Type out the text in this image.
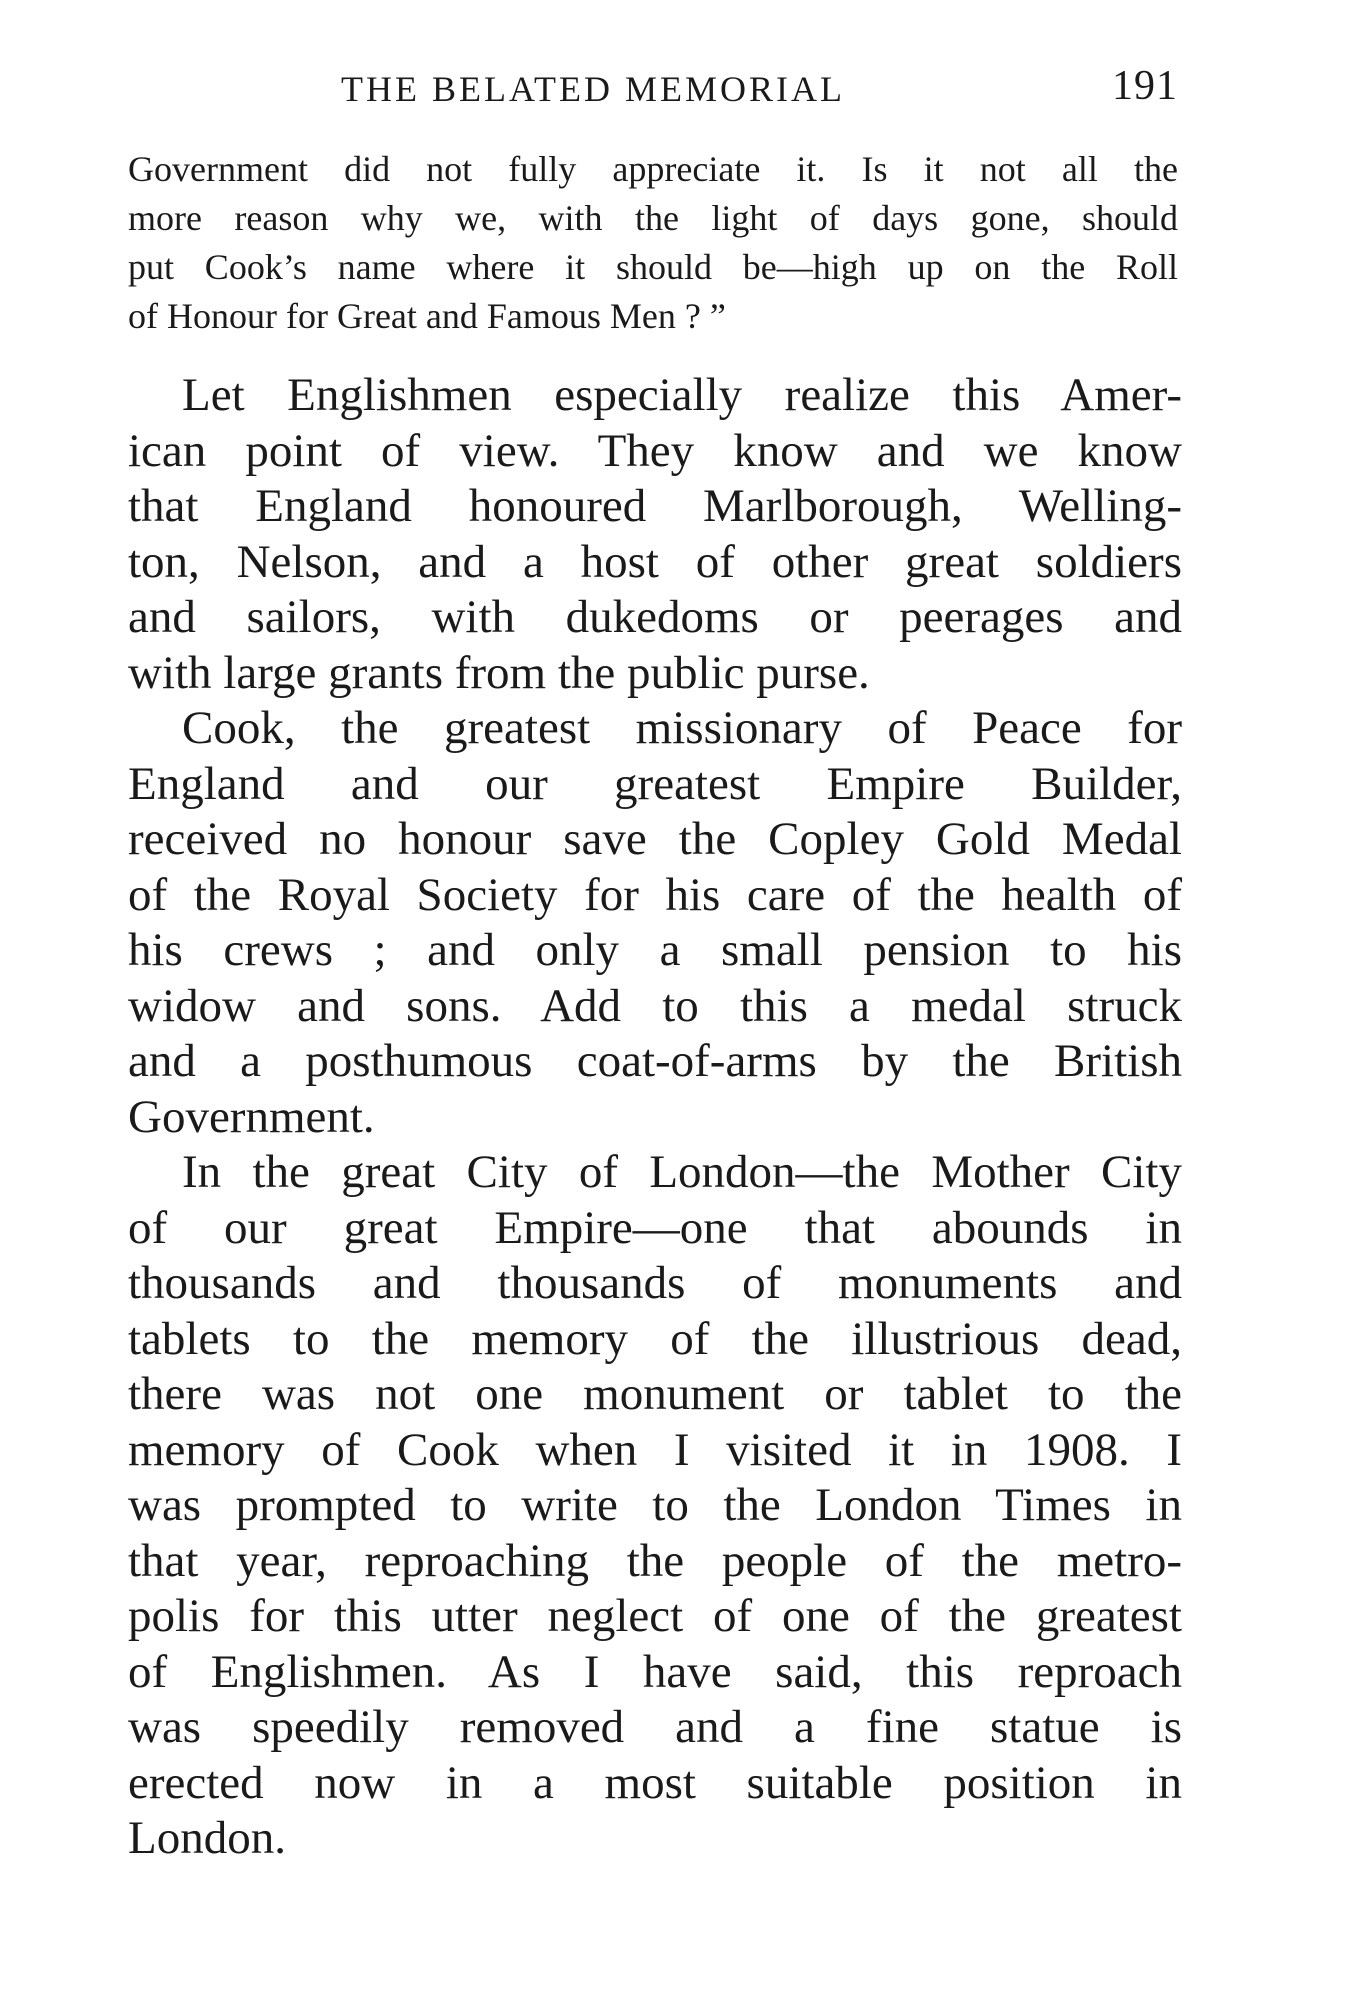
THE BELATED MEMORIAL	191
Government did not fully appreciate it. Is it not all the
more reason why we, with the light of days gone, should
put Cook’s name where it should be—high up on the Roll
of Honour for Great and Famous Men ? ”

Let Englishmen especially realize this Amer-
ican point of view. They know and we know
that England honoured Marlborough, Welling-
ton, Nelson, and a host of other great soldiers
and sailors, with dukedoms or peerages and
with large grants from the public purse.

Cook, the greatest missionary of Peace for
England and our greatest Empire Builder,
received no honour save the Copley Gold Medal
of the Royal Society for his care of the health of
his crews ; and only a small pension to his
widow and sons. Add to this a medal struck
and a posthumous coat-of-arms by the British
Government.

In the great City of London—the Mother City
of our great Empire—one that abounds in
thousands and thousands of monuments and
tablets to the memory of the illustrious dead,
there was not one monument or tablet to the
memory of Cook when I visited it in 1908. I
was prompted to write to the London Times in
that year, reproaching the people of the metro-
polis for this utter neglect of one of the greatest
of Englishmen. As I have said, this reproach
was speedily removed and a fine statue is
erected now in a most suitable position in
London.
